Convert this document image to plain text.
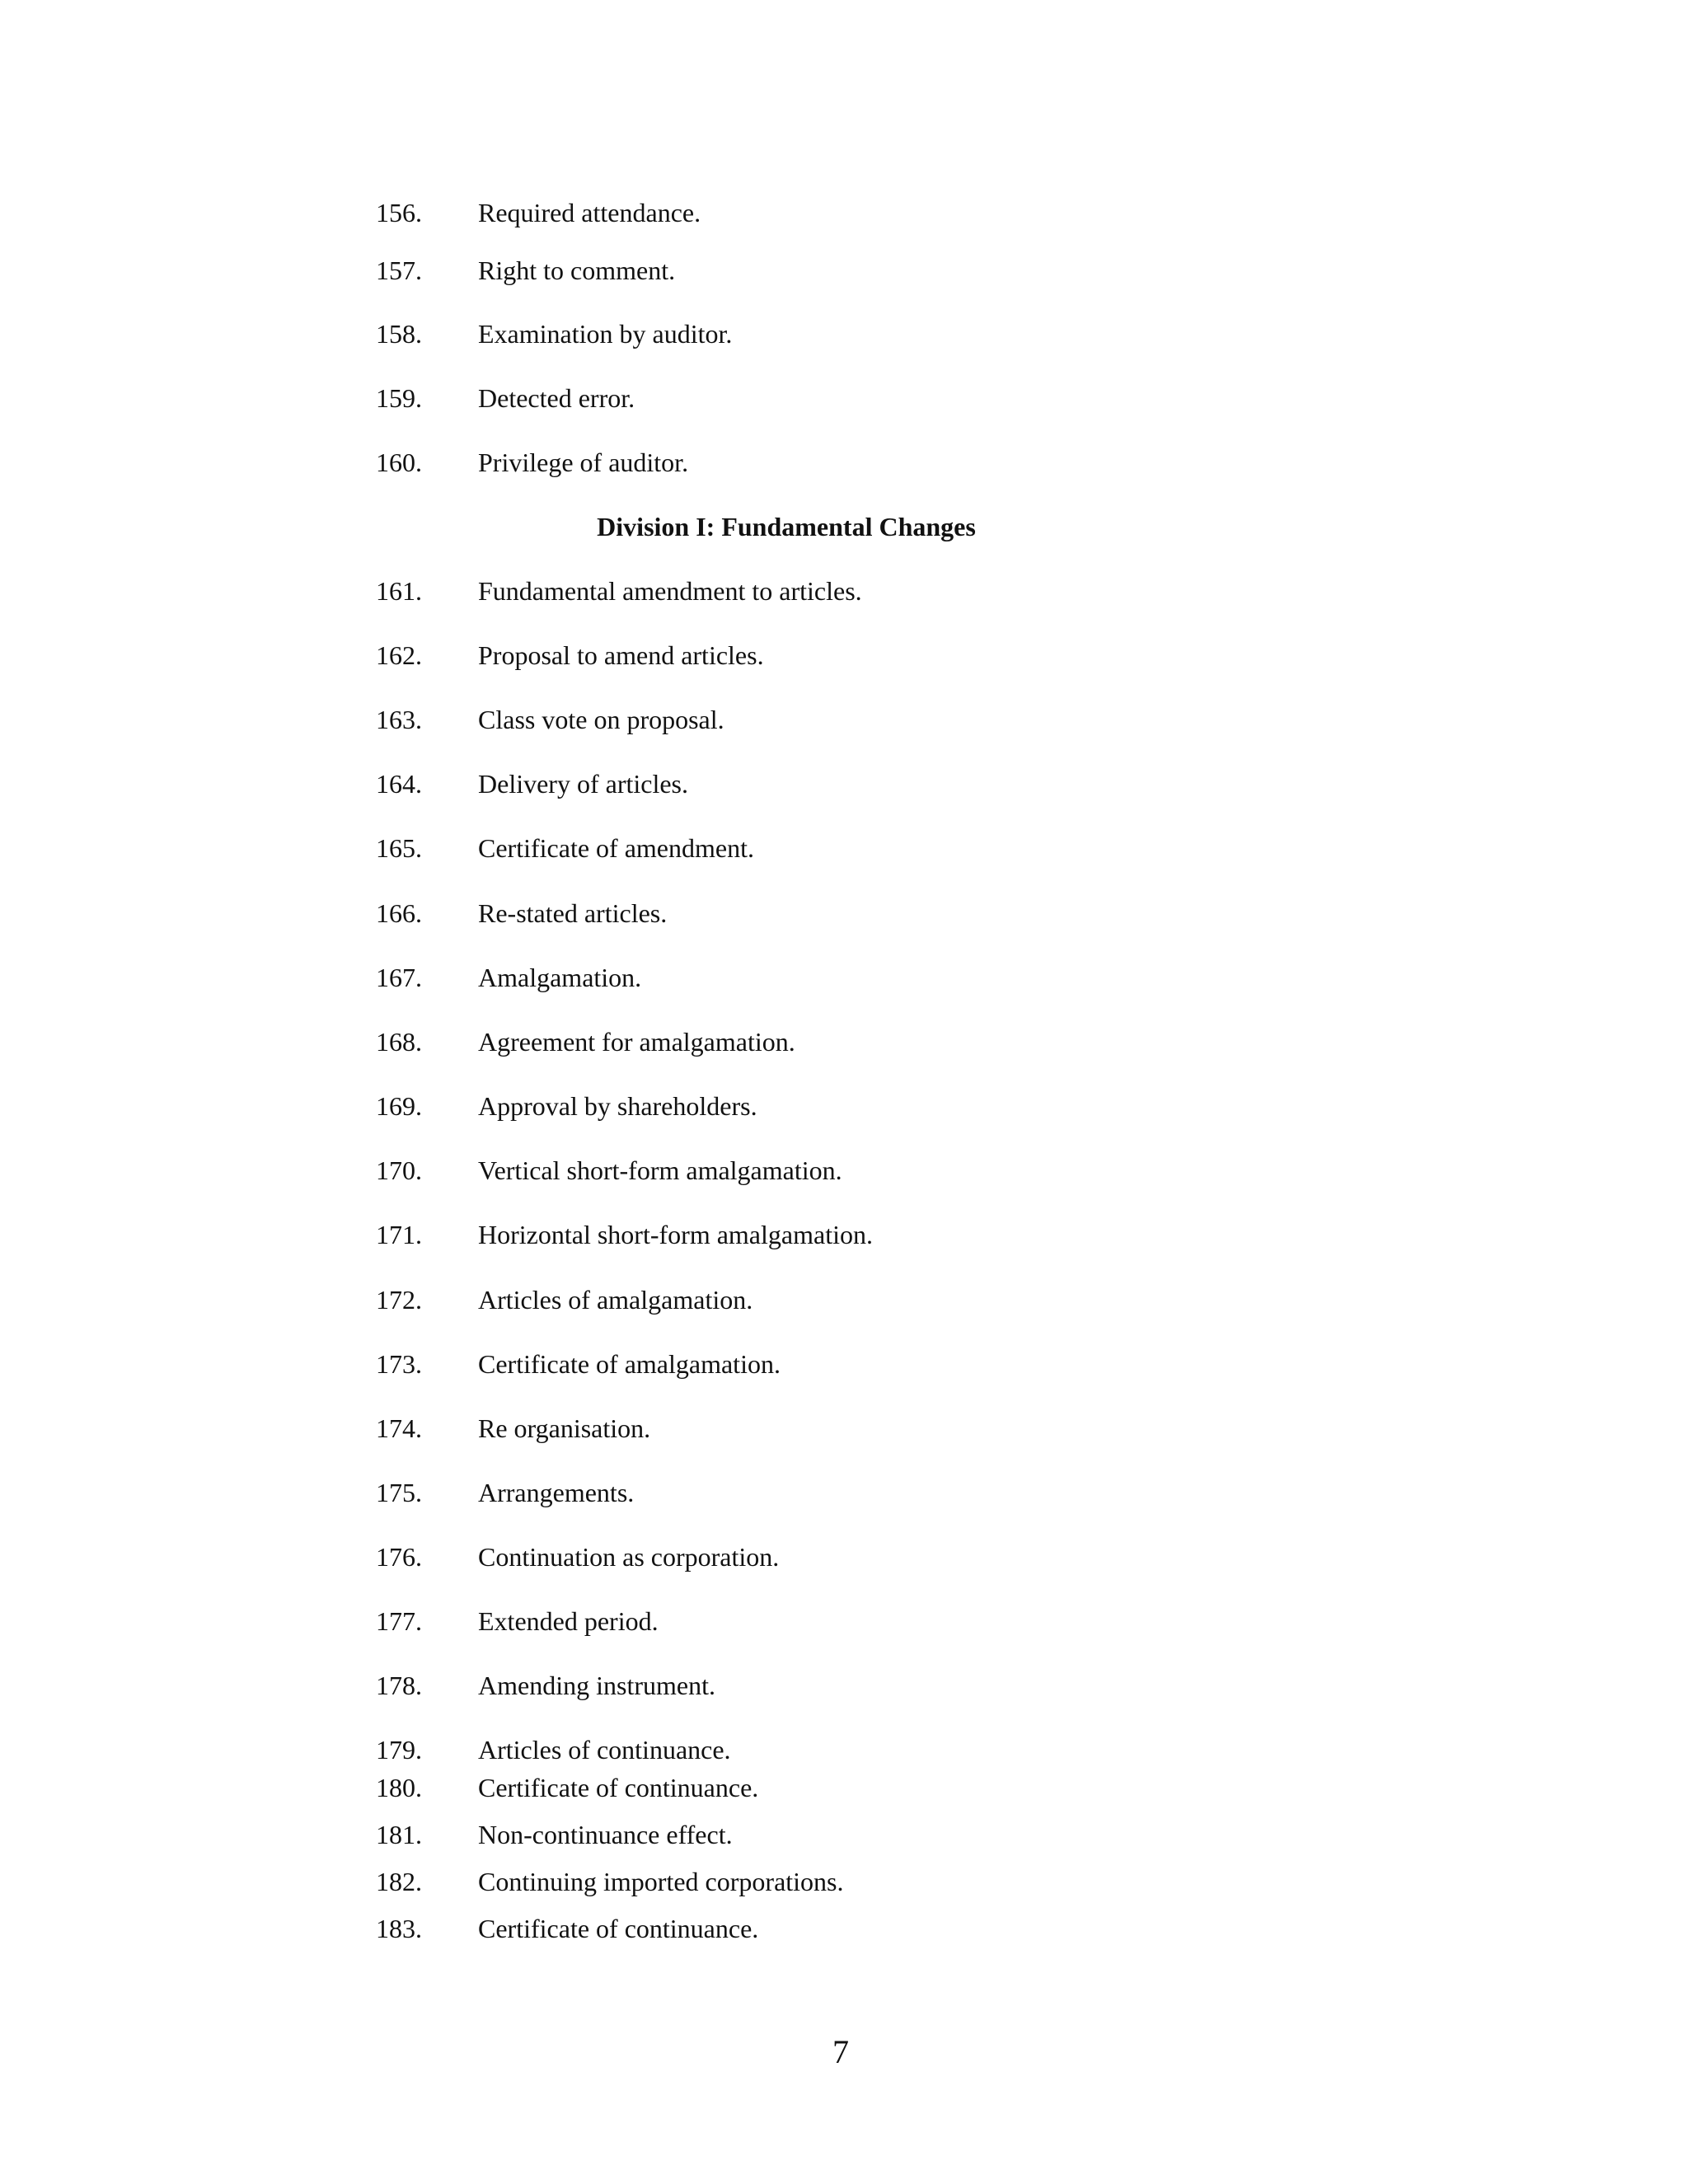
156. Required attendance.
157. Right to comment.
158. Examination by auditor.
159. Detected error.
160. Privilege of auditor.
Division I: Fundamental Changes
161. Fundamental amendment to articles.
162. Proposal to amend articles.
163. Class vote on proposal.
164. Delivery of articles.
165. Certificate of amendment.
166. Re-stated articles.
167. Amalgamation.
168. Agreement for amalgamation.
169. Approval by shareholders.
170. Vertical short-form amalgamation.
171. Horizontal short-form amalgamation.
172. Articles of amalgamation.
173. Certificate of amalgamation.
174. Re organisation.
175. Arrangements.
176. Continuation as corporation.
177. Extended period.
178. Amending instrument.
179. Articles of continuance.
180. Certificate of continuance.
181. Non-continuance effect.
182. Continuing imported corporations.
183. Certificate of continuance.
7
